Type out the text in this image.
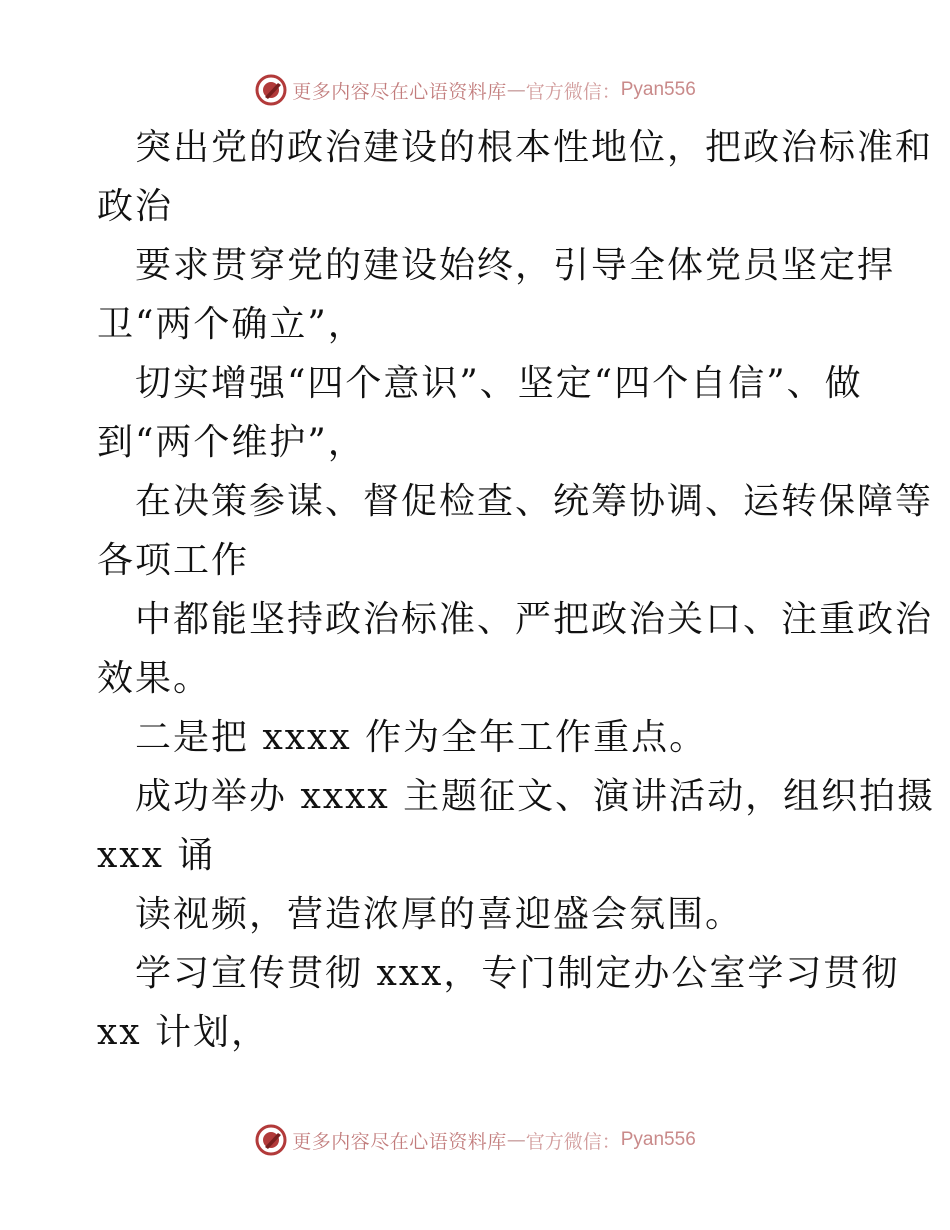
更多内容尽在心语资料库 — 官方微信： Pyan556

突出党的政治建设的根本性地位，把政治标准和

政治

要求贯穿党的建设始终，引导全体党员坚定捍

卫“两个确立”，

切实增强“四个意识”、坚定“四个自信”、做

到“两个维护”，

在决策参谋、督促检查、统筹协调、运转保障等

各项工作

中都能坚持政治标准、严把政治关口、注重政治

效果。

二是把 xxxx 作为全年工作重点。

成功举办 xxxx 主题征文、演讲活动，组织拍摄

xxx 诵

读视频，营造浓厚的喜迎盛会氛围。

学习宣传贯彻 xxx，专门制定办公室学习贯彻

xx 计划，

更多内容尽在心语资料库 — 官方微信： Pyan556
